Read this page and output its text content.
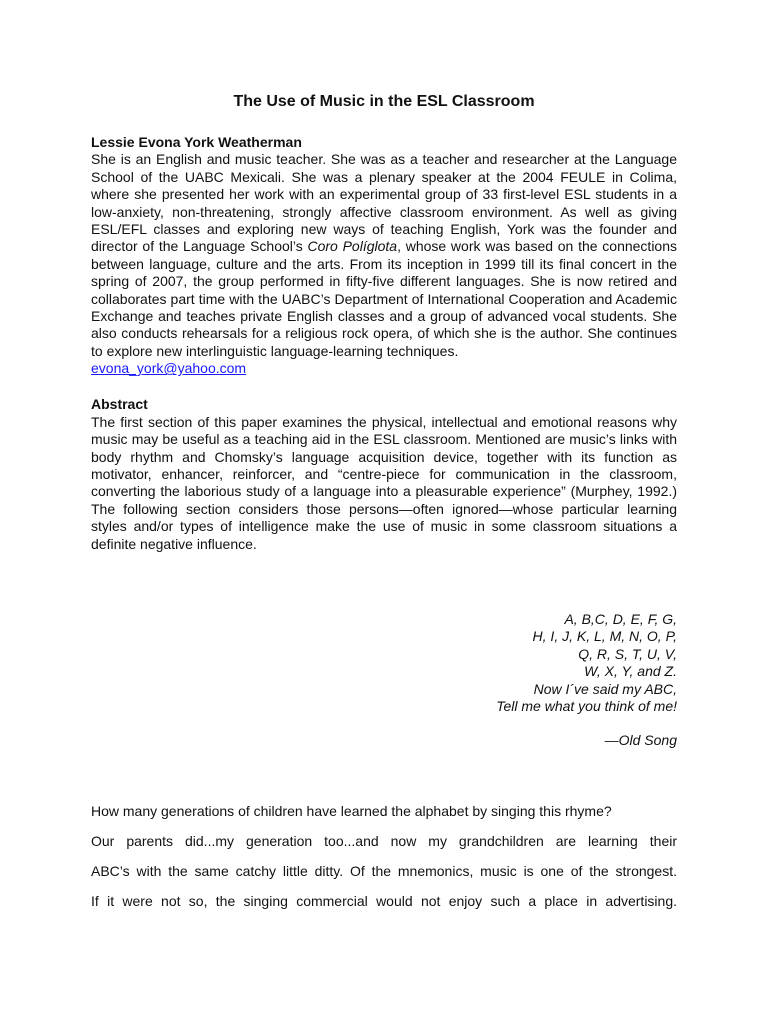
The Use of Music in the ESL Classroom

Lessie Evona York Weatherman

She is an English and music teacher. She was as a teacher and researcher at the Language School of the UABC Mexicali. She was a plenary speaker at the 2004 FEULE in Colima, where she presented her work with an experimental group of 33 first-level ESL students in a low-anxiety, non-threatening, strongly affective classroom environment. As well as giving ESL/EFL classes and exploring new ways of teaching English, York was the founder and director of the Language School’s Coro Políglota, whose work was based on the connections between language, culture and the arts. From its inception in 1999 till its final concert in the spring of 2007, the group performed in fifty-five different languages. She is now retired and collaborates part time with the UABC’s Department of International Cooperation and Academic Exchange and teaches private English classes and a group of advanced vocal students. She also conducts rehearsals for a religious rock opera, of which she is the author. She continues to explore new interlinguistic language-learning techniques.

evona_york@yahoo.com

Abstract

The first section of this paper examines the physical, intellectual and emotional reasons why music may be useful as a teaching aid in the ESL classroom. Mentioned are music’s links with body rhythm and Chomsky’s language acquisition device, together with its function as motivator, enhancer, reinforcer, and “centre-piece for communication in the classroom, converting the laborious study of a language into a pleasurable experience” (Murphey, 1992.) The following section considers those persons—often ignored—whose particular learning styles and/or types of intelligence make the use of music in some classroom situations a definite negative influence.

A, B,C, D, E, F, G,
H, I, J, K, L, M, N, O, P,
Q, R, S, T, U, V,
W, X, Y, and Z.
Now I´ve said my ABC,
Tell me what you think of me!
—Old Song
How many generations of children have learned the alphabet by singing this rhyme?
Our parents did...my generation too...and now my grandchildren are learning their
ABC’s with the same catchy little ditty. Of the mnemonics, music is one of the strongest.
If it were not so, the singing commercial would not enjoy such a place in advertising.
